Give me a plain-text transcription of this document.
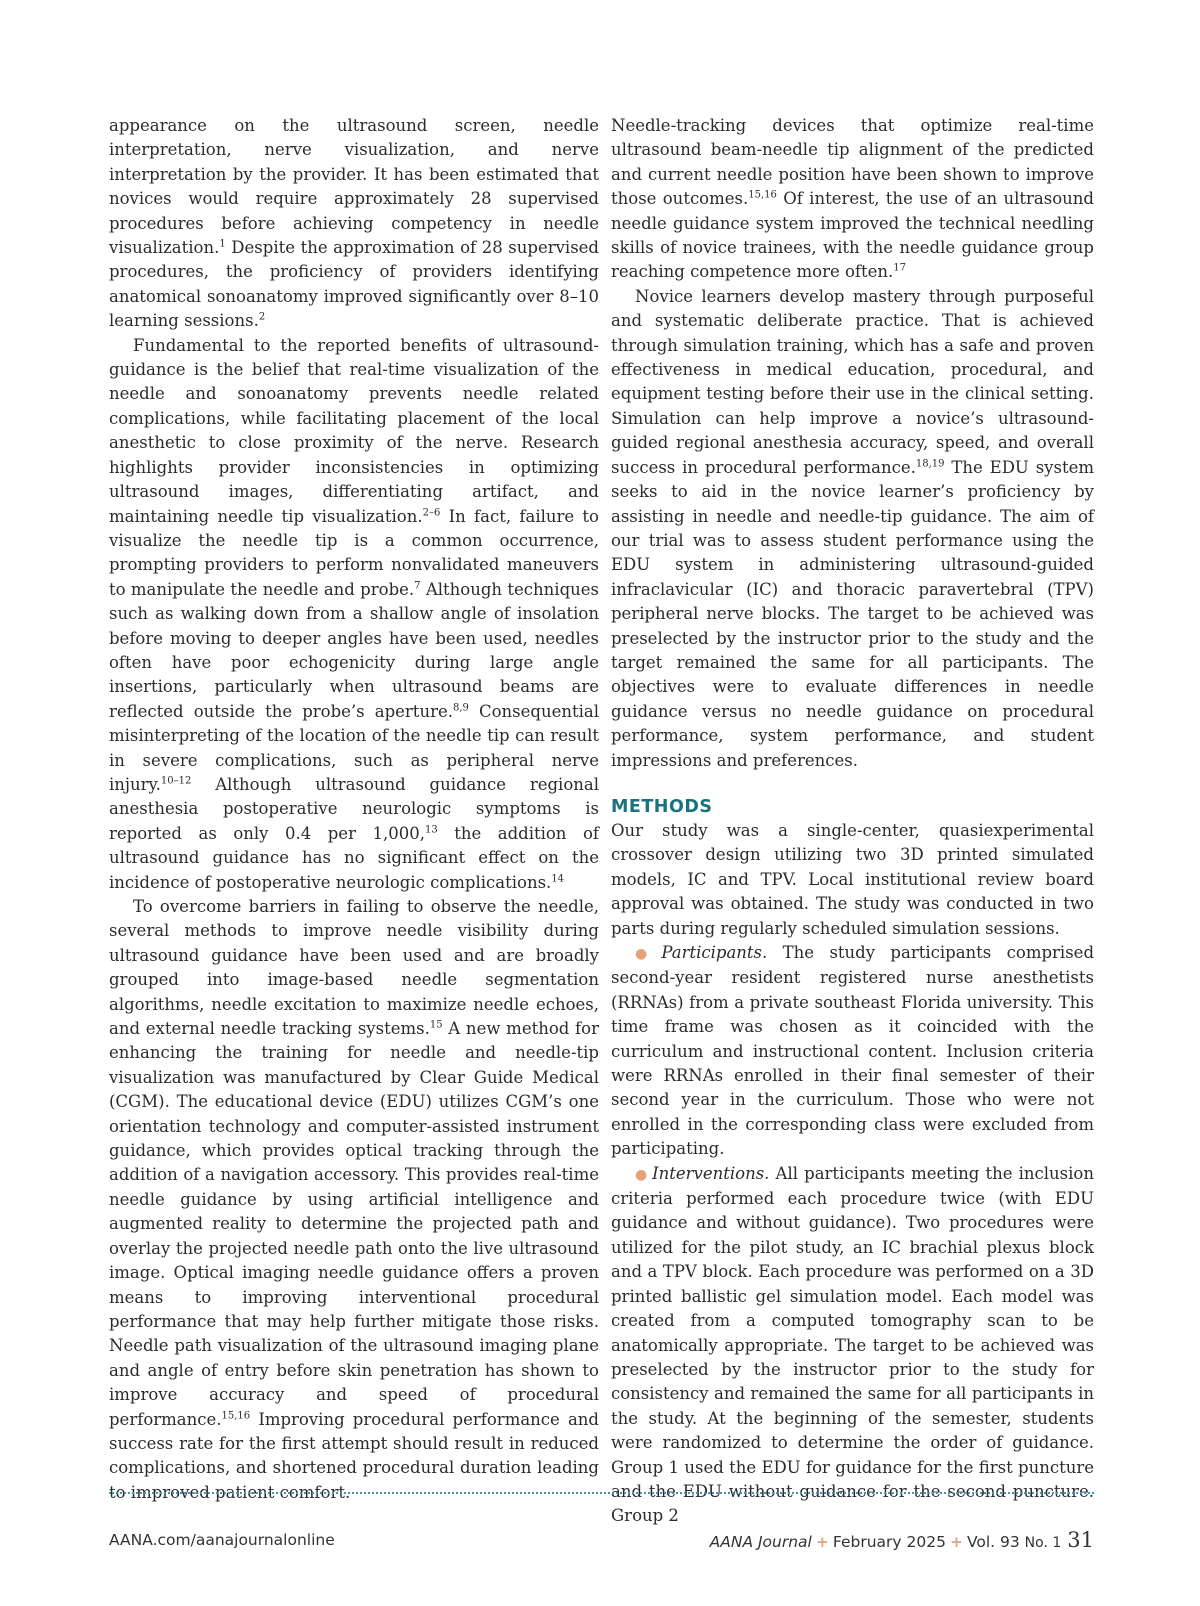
appearance on the ultrasound screen, needle interpretation, nerve visualization, and nerve interpretation by the provider. It has been estimated that novices would require approximately 28 supervised procedures before achieving competency in needle visualization.$^1$ Despite the approximation of 28 supervised procedures, the proficiency of providers identifying anatomical sonoanatomy improved significantly over 8–10 learning sessions.$^2$

Fundamental to the reported benefits of ultrasound-guidance is the belief that real-time visualization of the needle and sonoanatomy prevents needle related complications, while facilitating placement of the local anesthetic to close proximity of the nerve. Research highlights provider inconsistencies in optimizing ultrasound images, differentiating artifact, and maintaining needle tip visualization.$^{2-6}$ In fact, failure to visualize the needle tip is a common occurrence, prompting providers to perform nonvalidated maneuvers to manipulate the needle and probe.$^7$ Although techniques such as walking down from a shallow angle of insolation before moving to deeper angles have been used, needles often have poor echogenicity during large angle insertions, particularly when ultrasound beams are reflected outside the probe’s aperture.$^{8,9}$ Consequential misinterpreting of the location of the needle tip can result in severe complications, such as peripheral nerve injury.$^{10-12}$ Although ultrasound guidance regional anesthesia postoperative neurologic symptoms is reported as only 0.4 per 1,000,13 the addition of ultrasound guidance has no significant effect on the incidence of postoperative neurologic complications.$^{14}$

To overcome barriers in failing to observe the needle, several methods to improve needle visibility during ultrasound guidance have been used and are broadly grouped into image-based needle segmentation algorithms, needle excitation to maximize needle echoes, and external needle tracking systems.$^{15}$ A new method for enhancing the training for needle and needle-tip visualization was manufactured by Clear Guide Medical (CGM). The educational device (EDU) utilizes CGM’s one orientation technology and computer-assisted instrument guidance, which provides optical tracking through the addition of a navigation accessory. This provides real-time needle guidance by using artificial intelligence and augmented reality to determine the projected path and overlay the projected needle path onto the live ultrasound image. Optical imaging needle guidance offers a proven means to improving interventional procedural performance that may help further mitigate those risks. Needle path visualization of the ultrasound imaging plane and angle of entry before skin penetration has shown to improve accuracy and speed of procedural performance.$^{15,16}$ Improving procedural performance and success rate for the first attempt should result in reduced complications, and shortened procedural duration leading to improved patient comfort.

Needle-tracking devices that optimize real-time ultrasound beam-needle tip alignment of the predicted and current needle position have been shown to improve those outcomes.$^{15,16}$ Of interest, the use of an ultrasound needle guidance system improved the technical needling skills of novice trainees, with the needle guidance group reaching competence more often.$^{17}$

Novice learners develop mastery through purposeful and systematic deliberate practice. That is achieved through simulation training, which has a safe and proven effectiveness in medical education, procedural, and equipment testing before their use in the clinical setting. Simulation can help improve a novice’s ultrasound-guided regional anesthesia accuracy, speed, and overall success in procedural performance.$^{18,19}$ The EDU system seeks to aid in the novice learner’s proficiency by assisting in needle and needle-tip guidance. The aim of our trial was to assess student performance using the EDU system in administering ultrasound-guided infraclavicular (IC) and thoracic paravertebral (TPV) peripheral nerve blocks. The target to be achieved was preselected by the instructor prior to the study and the target remained the same for all participants. The objectives were to evaluate differences in needle guidance versus no needle guidance on procedural performance, system performance, and student impressions and preferences.

METHODS

Our study was a single-center, quasiexperimental crossover design utilizing two 3D printed simulated models, IC and TPV. Local institutional review board approval was obtained. The study was conducted in two parts during regularly scheduled simulation sessions.

● Participants. The study participants comprised second-year resident registered nurse anesthetists (RRNAs) from a private southeast Florida university. This time frame was chosen as it coincided with the curriculum and instructional content. Inclusion criteria were RRNAs enrolled in their final semester of their second year in the curriculum. Those who were not enrolled in the corresponding class were excluded from participating.

● Interventions. All participants meeting the inclusion criteria performed each procedure twice (with EDU guidance and without guidance). Two procedures were utilized for the pilot study, an IC brachial plexus block and a TPV block. Each procedure was performed on a 3D printed ballistic gel simulation model. Each model was created from a computed tomography scan to be anatomically appropriate. The target to be achieved was preselected by the instructor prior to the study for consistency and remained the same for all participants in the study. At the beginning of the semester, students were randomized to determine the order of guidance. Group 1 used the EDU for guidance for the first puncture and the EDU without guidance for the second puncture. Group 2

AANA.com/aanajournalonline	AANA Journal + February 2025 + Vol. 93 No. 1 31
